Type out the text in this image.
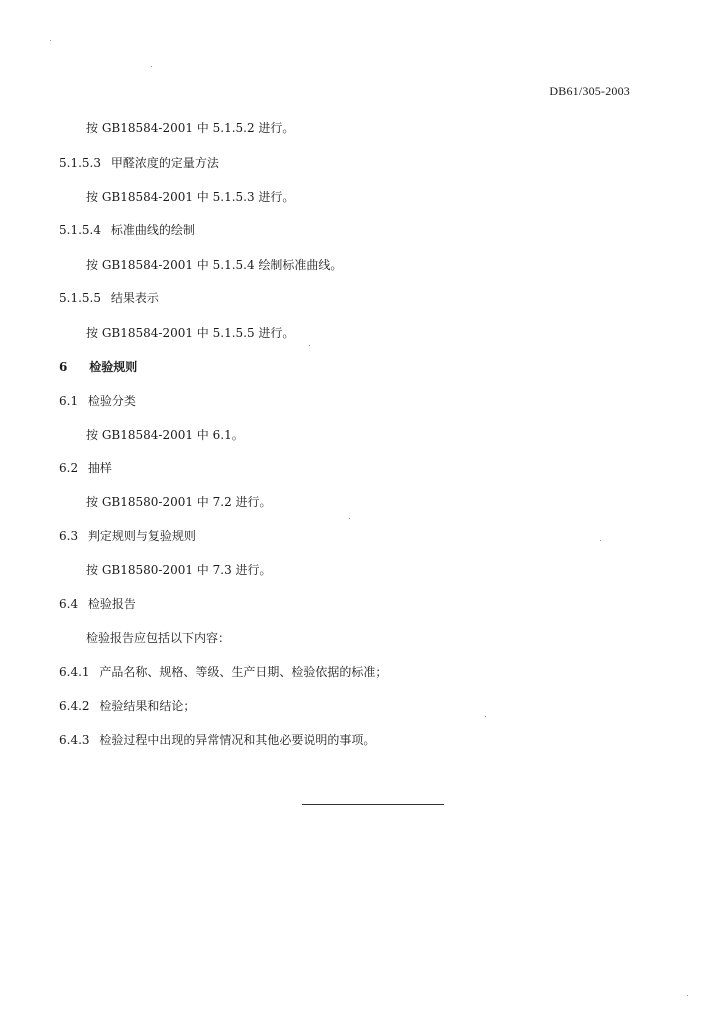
DB61/305-2003
按 GB18584-2001 中 5.1.5.2 进行。
5.1.5.3 甲醛浓度的定量方法
按 GB18584-2001 中 5.1.5.3 进行。
5.1.5.4 标准曲线的绘制
按 GB18584-2001 中 5.1.5.4 绘制标准曲线。
5.1.5.5 结果表示
按 GB18584-2001 中 5.1.5.5 进行。
6 检验规则
6.1 检验分类
按 GB18584-2001 中 6.1。
6.2 抽样
按 GB18580-2001 中 7.2 进行。
6.3 判定规则与复验规则
按 GB18580-2001 中 7.3 进行。
6.4 检验报告
检验报告应包括以下内容：
6.4.1 产品名称、规格、等级、生产日期、检验依据的标准；
6.4.2 检验结果和结论；
6.4.3 检验过程中出现的异常情况和其他必要说明的事项。
